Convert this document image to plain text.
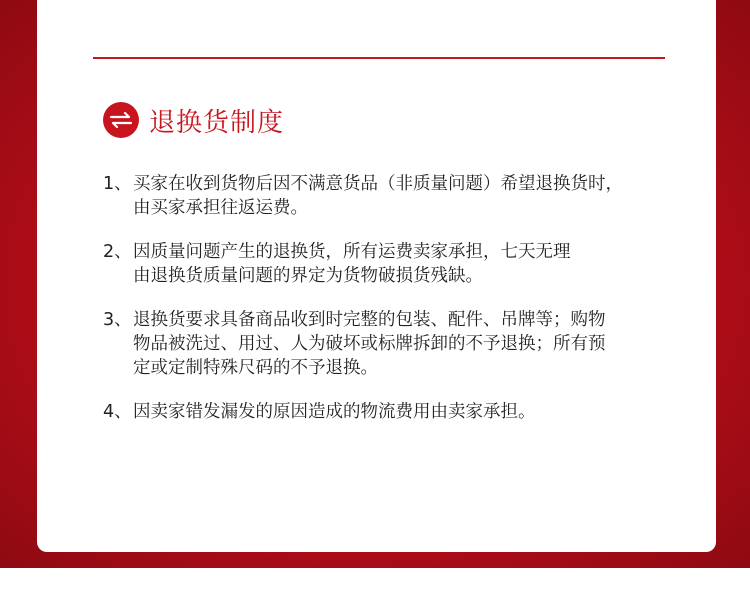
退换货制度
1、 买家在收到货物后因不满意货品（非质量问题）希望退换货时，
由买家承担往返运费。
2、 因质量问题产生的退换货，所有运费卖家承担，七天无理
由退换货质量问题的界定为货物破损货残缺。
3、 退换货要求具备商品收到时完整的包装、配件、吊牌等；购物
物品被洗过、用过、人为破坏或标牌拆卸的不予退换；所有预
定或定制特殊尺码的不予退换。
4、 因卖家错发漏发的原因造成的物流费用由卖家承担。
